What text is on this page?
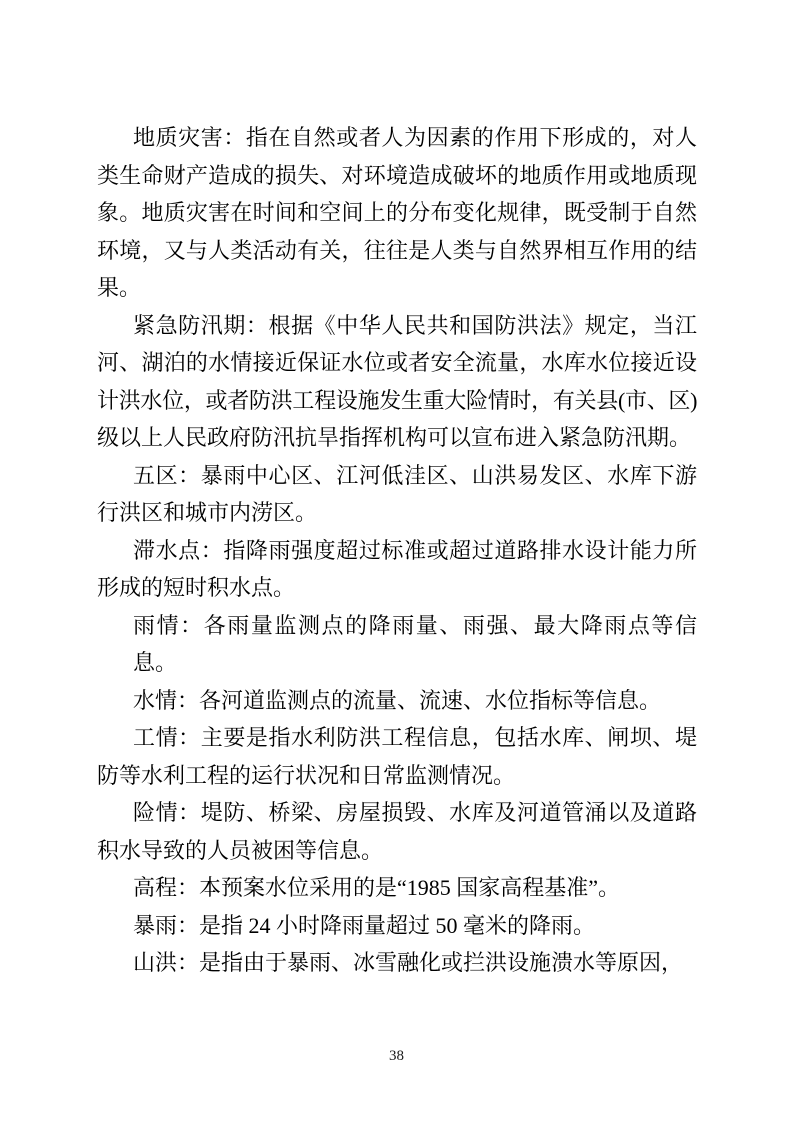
地质灾害：指在自然或者人为因素的作用下形成的，对人
类生命财产造成的损失、对环境造成破坏的地质作用或地质现
象。地质灾害在时间和空间上的分布变化规律，既受制于自然
环境，又与人类活动有关，往往是人类与自然界相互作用的结
果。
紧急防汛期：根据《中华人民共和国防洪法》规定，当江
河、湖泊的水情接近保证水位或者安全流量，水库水位接近设
计洪水位，或者防洪工程设施发生重大险情时，有关县(市、区)
级以上人民政府防汛抗旱指挥机构可以宣布进入紧急防汛期。
五区：暴雨中心区、江河低洼区、山洪易发区、水库下游
行洪区和城市内涝区。
滞水点：指降雨强度超过标准或超过道路排水设计能力所
形成的短时积水点。
雨情：各雨量监测点的降雨量、雨强、最大降雨点等信
息。
水情：各河道监测点的流量、流速、水位指标等信息。
工情：主要是指水利防洪工程信息，包括水库、闸坝、堤
防等水利工程的运行状况和日常监测情况。
险情：堤防、桥梁、房屋损毁、水库及河道管涌以及道路
积水导致的人员被困等信息。
高程：本预案水位采用的是“1985 国家高程基准”。
暴雨：是指 24 小时降雨量超过 50 毫米的降雨。
山洪：是指由于暴雨、冰雪融化或拦洪设施溃水等原因，
38
